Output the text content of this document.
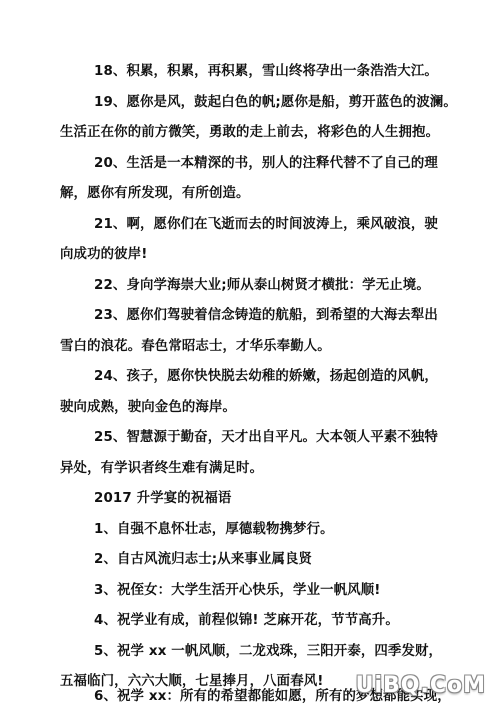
18、积累，积累，再积累，雪山终将孕出一条浩浩大江。

19、愿你是风，鼓起白色的帆;愿你是船，剪开蓝色的波澜。

生活正在你的前方微笑，勇敢的走上前去，将彩色的人生拥抱。

20、生活是一本精深的书，别人的注释代替不了自己的理

解，愿你有所发现，有所创造。

21、啊，愿你们在飞逝而去的时间波涛上，乘风破浪，驶

向成功的彼岸!

22、身向学海崇大业;师从泰山树贤才横批：学无止境。

23、愿你们驾驶着信念铸造的航船，到希望的大海去犁出

雪白的浪花。春色常昭志士，才华乐奉勤人。

24、孩子，愿你快快脱去幼稚的娇嫩，扬起创造的风帆，

驶向成熟，驶向金色的海岸。

25、智慧源于勤奋，天才出自平凡。大本领人平素不独特

异处，有学识者终生难有满足时。

2017 升学宴的祝福语

1、自强不息怀壮志，厚德载物携梦行。

2、自古风流归志士;从来事业属良贤

3、祝侄女：大学生活开心快乐，学业一帆风顺!

4、祝学业有成，前程似锦! 芝麻开花，节节高升。

5、祝学 xx 一帆风顺，二龙戏珠，三阳开泰，四季发财，

五福临门，六六大顺，七星捧月，八面春风!

6、祝学 xx：所有的希望都能如愿，所有的梦想都能实现，

UiBQ.CoM
